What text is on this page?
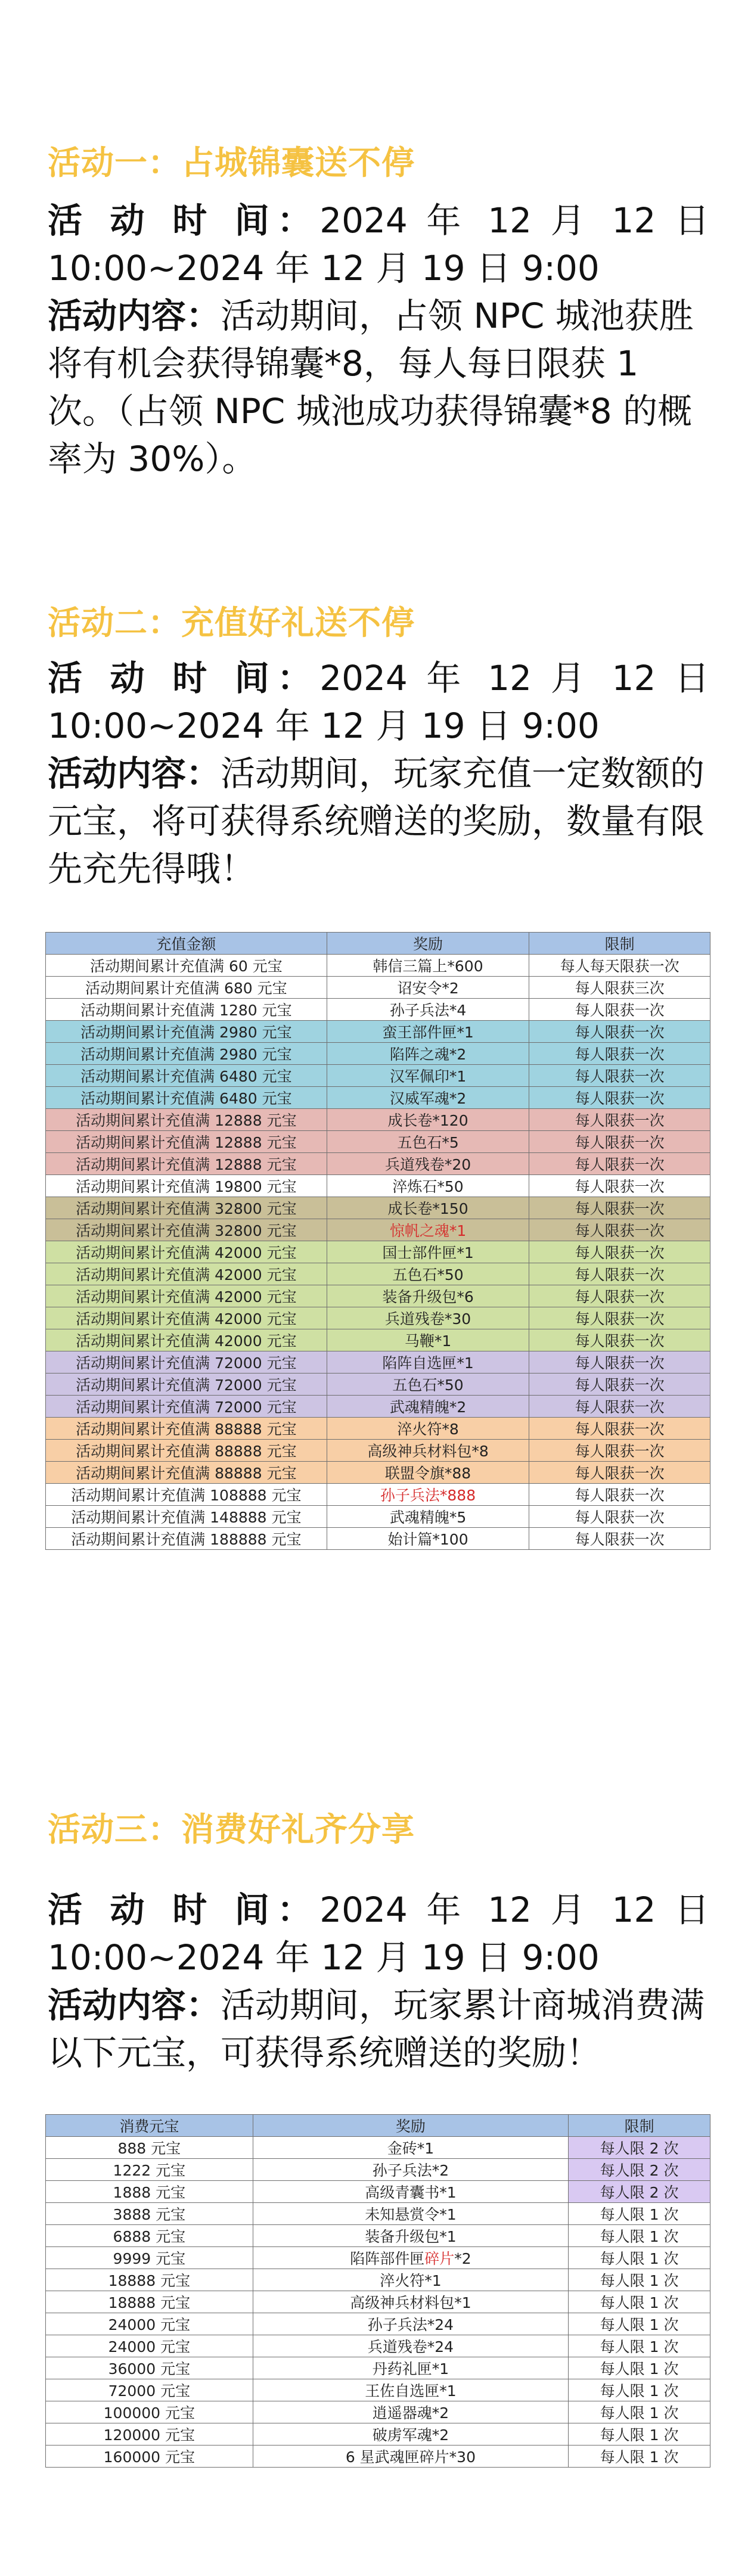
活动一：占城锦囊送不停
活 动 时 间：2024 年 12 月 12 日
10:00~2024 年 12 月 19 日 9:00
活动内容：活动期间，占领 NPC 城池获胜将有机会获得锦囊*8，每人每日限获 1 次。（占领 NPC 城池成功获得锦囊*8 的概率为 30%）。
活动二：充值好礼送不停
活 动 时 间：2024 年 12 月 12 日
10:00~2024 年 12 月 19 日 9:00
活动内容：活动期间，玩家充值一定数额的元宝，将可获得系统赠送的奖励，数量有限先充先得哦！
充值金额	奖励	限制
活动期间累计充值满 60 元宝	韩信三篇上*600	每人每天限获一次
活动期间累计充值满 680 元宝	诏安令*2	每人限获三次
活动期间累计充值满 1280 元宝	孙子兵法*4	每人限获一次
活动期间累计充值满 2980 元宝	蛮王部件匣*1	每人限获一次
活动期间累计充值满 2980 元宝	陷阵之魂*2	每人限获一次
活动期间累计充值满 6480 元宝	汉军佩印*1	每人限获一次
活动期间累计充值满 6480 元宝	汉威军魂*2	每人限获一次
活动期间累计充值满 12888 元宝	成长卷*120	每人限获一次
活动期间累计充值满 12888 元宝	五色石*5	每人限获一次
活动期间累计充值满 12888 元宝	兵道残卷*20	每人限获一次
活动期间累计充值满 19800 元宝	淬炼石*50	每人限获一次
活动期间累计充值满 32800 元宝	成长卷*150	每人限获一次
活动期间累计充值满 32800 元宝	惊帆之魂*1	每人限获一次
活动期间累计充值满 42000 元宝	国士部件匣*1	每人限获一次
活动期间累计充值满 42000 元宝	五色石*50	每人限获一次
活动期间累计充值满 42000 元宝	装备升级包*6	每人限获一次
活动期间累计充值满 42000 元宝	兵道残卷*30	每人限获一次
活动期间累计充值满 42000 元宝	马鞭*1	每人限获一次
活动期间累计充值满 72000 元宝	陷阵自选匣*1	每人限获一次
活动期间累计充值满 72000 元宝	五色石*50	每人限获一次
活动期间累计充值满 72000 元宝	武魂精魄*2	每人限获一次
活动期间累计充值满 88888 元宝	淬火符*8	每人限获一次
活动期间累计充值满 88888 元宝	高级神兵材料包*8	每人限获一次
活动期间累计充值满 88888 元宝	联盟令旗*88	每人限获一次
活动期间累计充值满 108888 元宝	孙子兵法*888	每人限获一次
活动期间累计充值满 148888 元宝	武魂精魄*5	每人限获一次
活动期间累计充值满 188888 元宝	始计篇*100	每人限获一次
活动三：消费好礼齐分享
活 动 时 间：2024 年 12 月 12 日
10:00~2024 年 12 月 19 日 9:00
活动内容：活动期间，玩家累计商城消费满以下元宝，可获得系统赠送的奖励！
消费元宝	奖励	限制
888 元宝	金砖*1	每人限 2 次
1222 元宝	孙子兵法*2	每人限 2 次
1888 元宝	高级青囊书*1	每人限 2 次
3888 元宝	未知悬赏令*1	每人限 1 次
6888 元宝	装备升级包*1	每人限 1 次
9999 元宝	陷阵部件匣碎片*2	每人限 1 次
18888 元宝	淬火符*1	每人限 1 次
18888 元宝	高级神兵材料包*1	每人限 1 次
24000 元宝	孙子兵法*24	每人限 1 次
24000 元宝	兵道残卷*24	每人限 1 次
36000 元宝	丹药礼匣*1	每人限 1 次
72000 元宝	王佐自选匣*1	每人限 1 次
100000 元宝	逍遥器魂*2	每人限 1 次
120000 元宝	破虏军魂*2	每人限 1 次
160000 元宝	6 星武魂匣碎片*30	每人限 1 次
